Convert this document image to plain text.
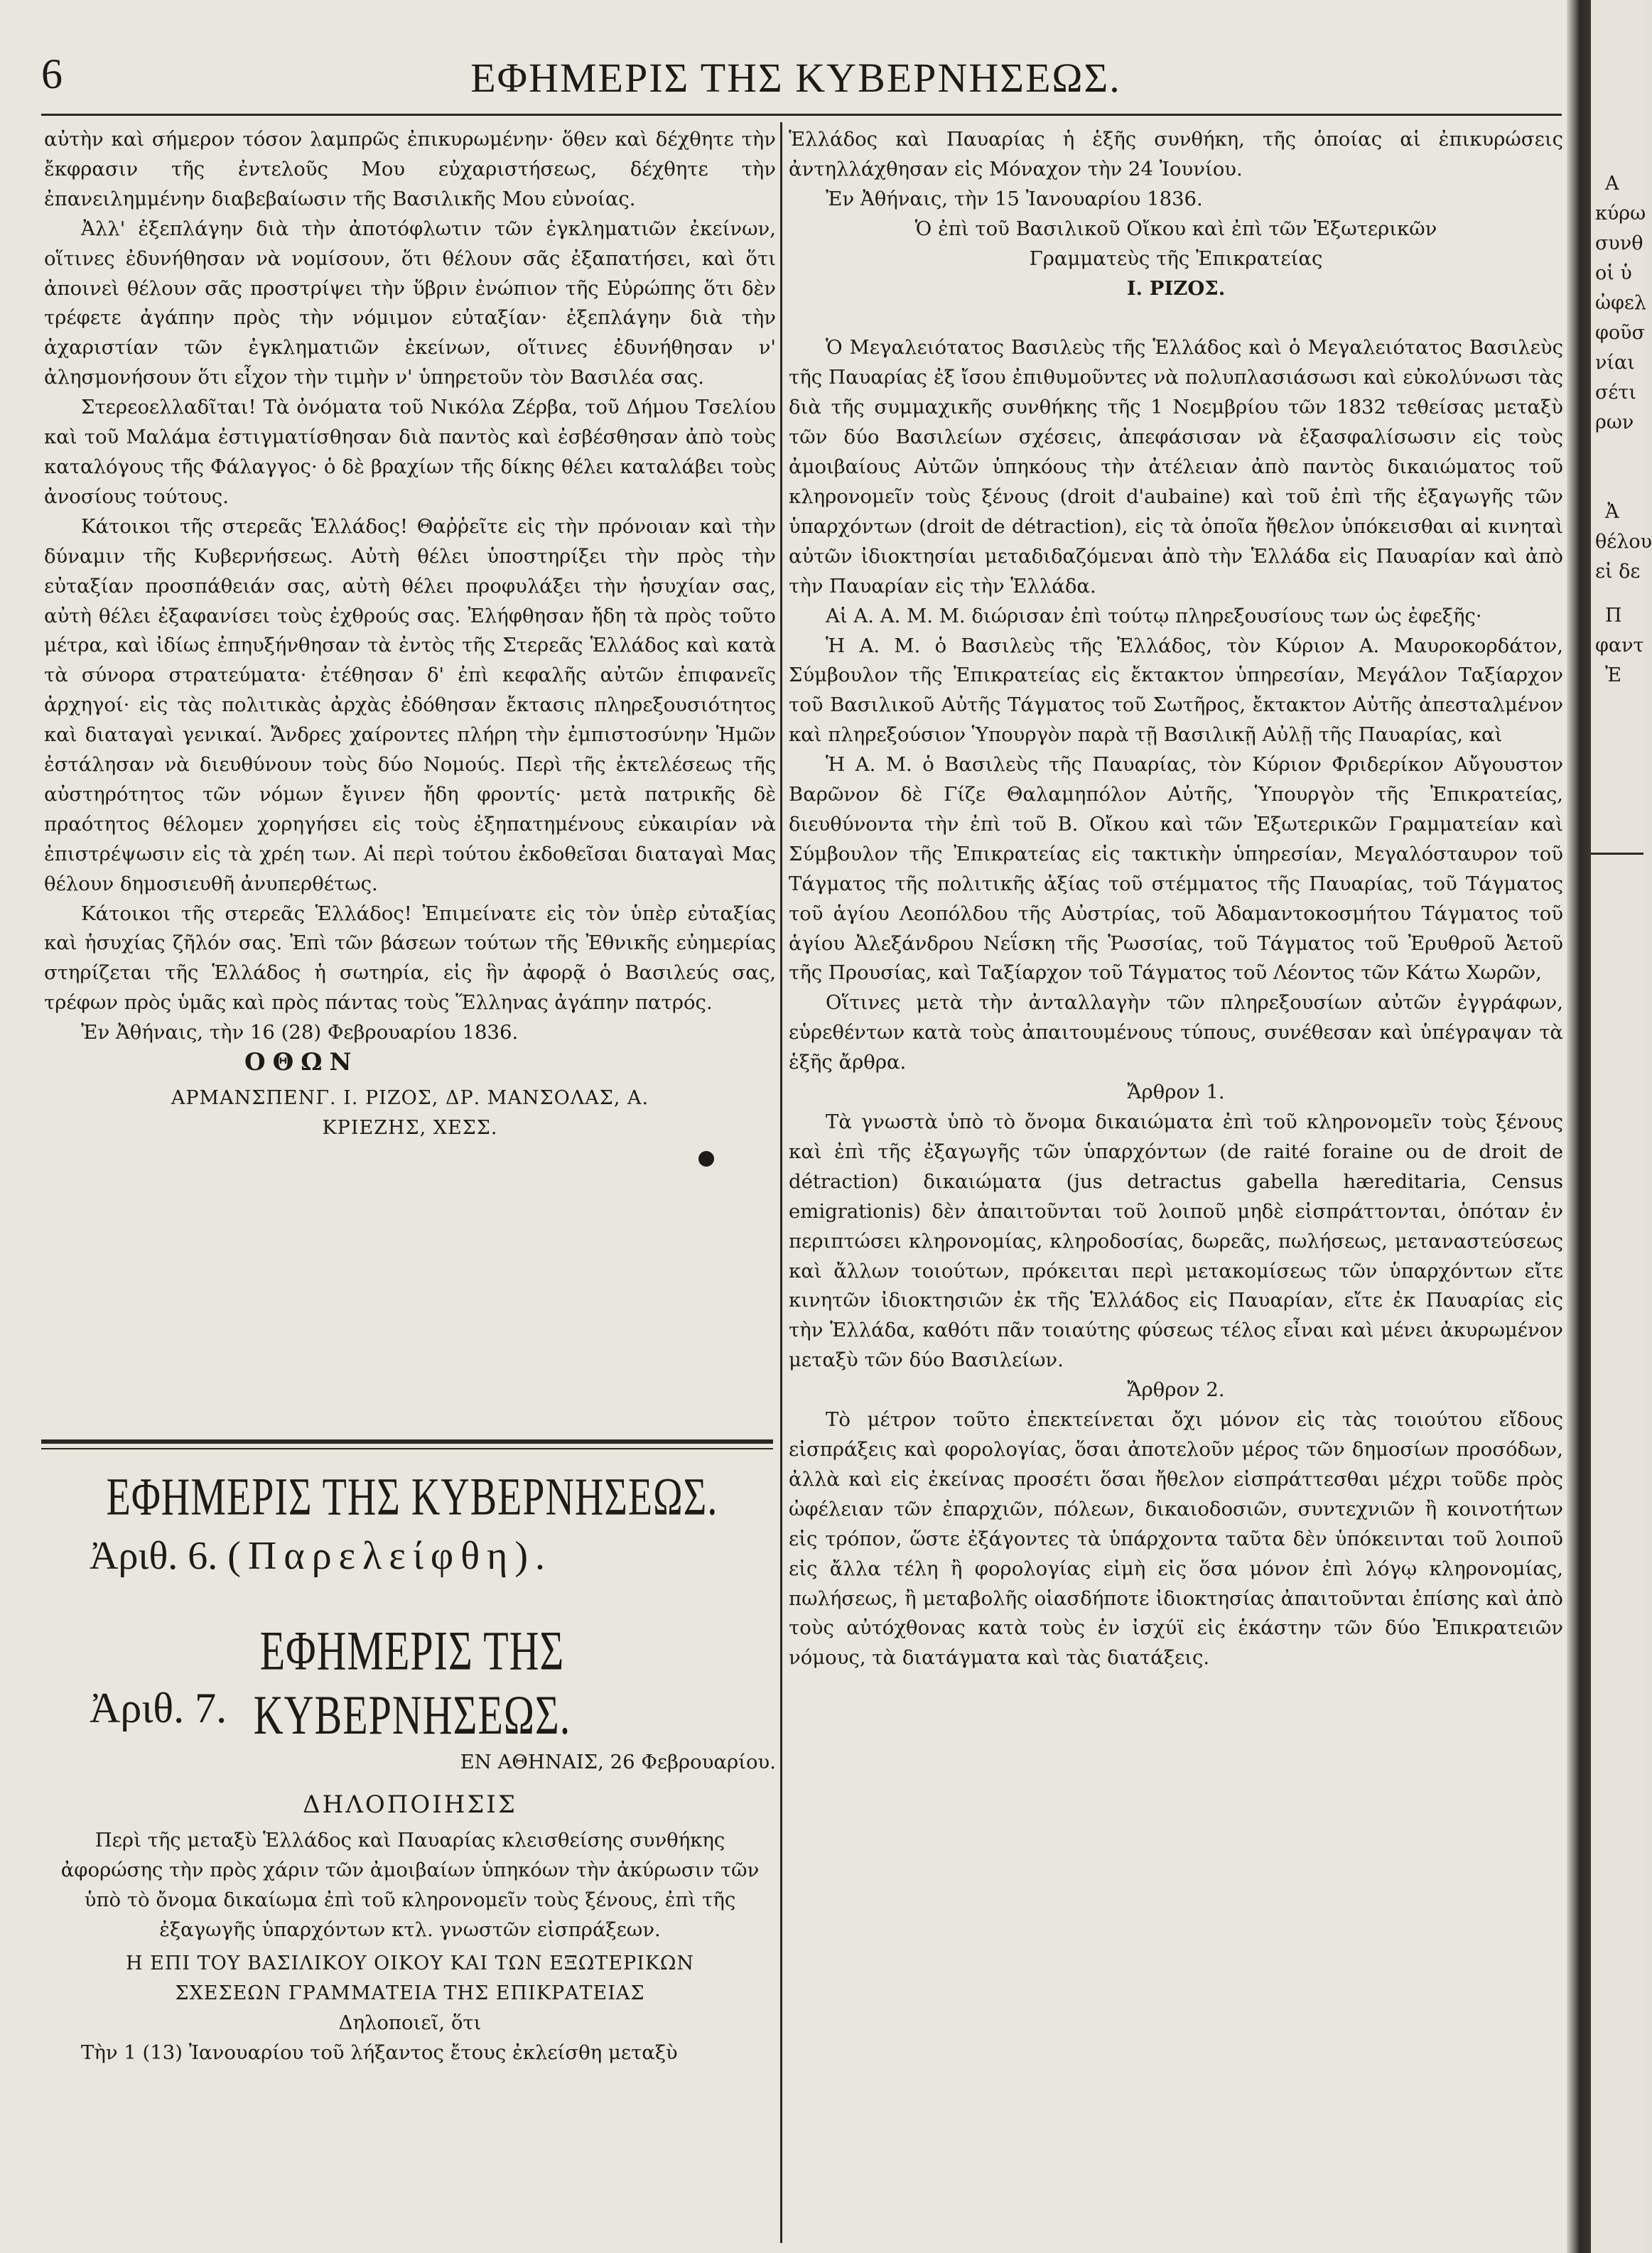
6	ΕΦΗΜΕΡΙΣ ΤΗΣ ΚΥΒΕΡΝΗΣΕΩΣ.

αὐτὴν καὶ σήμερον τόσον λαμπρῶς ἐπικυρωμένην· ὅθεν καὶ δέχθητε τὴν ἔκφρασιν τῆς ἐντελοῦς Μου εὐχαριστήσεως, δέχθητε τὴν ἐπανειλημμένην διαβεβαίωσιν τῆς Βασιλικῆς Μου εὐνοίας.

Ἀλλ' ἐξεπλάγην διὰ τὴν ἀποτόφλωτιν τῶν ἐγκληματιῶν ἐκείνων, οἵτινες ἐδυνήθησαν νὰ νομίσουν, ὅτι θέλουν σᾶς ἐξαπατήσει, καὶ ὅτι ἀποινεὶ θέλουν σᾶς προστρίψει τὴν ὕβριν ἐνώπιον τῆς Εὐρώπης ὅτι δὲν τρέφετε ἀγάπην πρὸς τὴν νόμιμον εὐταξίαν· ἐξεπλάγην διὰ τὴν ἀχαριστίαν τῶν ἐγκληματιῶν ἐκείνων, οἵτινες ἐδυνήθησαν ν' ἀλησμονήσουν ὅτι εἶχον τὴν τιμὴν ν' ὑπηρετοῦν τὸν Βασιλέα σας.

Στερεοελλαδῖται! Τὰ ὀνόματα τοῦ Νικόλα Ζέρβα, τοῦ Δήμου Τσελίου καὶ τοῦ Μαλάμα ἐστιγματίσθησαν διὰ παντὸς καὶ ἐσβέσθησαν ἀπὸ τοὺς καταλόγους τῆς Φάλαγγος· ὁ δὲ βραχίων τῆς δίκης θέλει καταλάβει τοὺς ἀνοσίους τούτους.

Κάτοικοι τῆς στερεᾶς Ἑλλάδος! Θαῤῥεῖτε εἰς τὴν πρόνοιαν καὶ τὴν δύναμιν τῆς Κυβερνήσεως. Αὐτὴ θέλει ὑποστηρίξει τὴν πρὸς τὴν εὐταξίαν προσπάθειάν σας, αὐτὴ θέλει προφυλάξει τὴν ἡσυχίαν σας, αὐτὴ θέλει ἐξαφανίσει τοὺς ἐχθρούς σας. Ἐλήφθησαν ἤδη τὰ πρὸς τοῦτο μέτρα, καὶ ἰδίως ἐπηυξήνθησαν τὰ ἐντὸς τῆς Στερεᾶς Ἑλλάδος καὶ κατὰ τὰ σύνορα στρατεύματα· ἐτέθησαν δ' ἐπὶ κεφαλῆς αὐτῶν ἐπιφανεῖς ἀρχηγοί· εἰς τὰς πολιτικὰς ἀρχὰς ἐδόθησαν ἔκτασις πληρεξουσιότητος καὶ διαταγαὶ γενικαί. Ἄνδρες χαίροντες πλήρη τὴν ἐμπιστοσύνην Ἡμῶν ἐστάλησαν νὰ διευθύνουν τοὺς δύο Νομούς. Περὶ τῆς ἐκτελέσεως τῆς αὐστηρότητος τῶν νόμων ἔγινεν ἤδη φροντίς· μετὰ πατρικῆς δὲ πραότητος θέλομεν χορηγήσει εἰς τοὺς ἐξηπατημένους εὐκαιρίαν νὰ ἐπιστρέψωσιν εἰς τὰ χρέη των. Αἱ περὶ τούτου ἐκδοθεῖσαι διαταγαὶ Μας θέλουν δημοσιευθῆ ἀνυπερθέτως.

Κάτοικοι τῆς στερεᾶς Ἑλλάδος! Ἐπιμείνατε εἰς τὸν ὑπὲρ εὐταξίας καὶ ἡσυχίας ζῆλόν σας. Ἐπὶ τῶν βάσεων τούτων τῆς Ἐθνικῆς εὐημερίας στηρίζεται τῆς Ἑλλάδος ἡ σωτηρία, εἰς ἣν ἀφορᾷ ὁ Βασιλεύς σας, τρέφων πρὸς ὑμᾶς καὶ πρὸς πάντας τοὺς Ἕλληνας ἀγάπην πατρός.

Ἐν Ἀθήναις, τὴν 16 (28) Φεβρουαρίου 1836.

ΟΘΩΝ

ΑΡΜΑΝΣΠΕΝΓ. Ι. ΡΙΖΟΣ, ΔΡ. ΜΑΝΣΟΛΑΣ, Α.

ΚΡΙΕΖΗΣ, ΧΕΣΣ.

ΕΦΗΜΕΡΙΣ ΤΗΣ ΚΥΒΕΡΝΗΣΕΩΣ.
Ἀριθ. 6. (Παρελείφθη).
ΕΦΗΜΕΡΙΣ ΤΗΣ ΚΥΒΕΡΝΗΣΕΩΣ.
Ἀριθ. 7.

ΕΝ ΑΘΗΝΑΙΣ, 26 Φεβρουαρίου.

ΔΗΛΟΠΟΙΗΣΙΣ

Περὶ τῆς μεταξὺ Ἑλλάδος καὶ Παυαρίας κλεισθείσης συνθήκης ἀφορώσης τὴν πρὸς χάριν τῶν ἀμοιβαίων ὑπηκόων τὴν ἀκύρωσιν τῶν ὑπὸ τὸ ὄνομα δικαίωμα ἐπὶ τοῦ κληρονομεῖν τοὺς ξένους, ἐπὶ τῆς ἐξαγωγῆς ὑπαρχόντων κτλ. γνωστῶν εἰσπράξεων.

Η ΕΠΙ ΤΟΥ ΒΑΣΙΛΙΚΟΥ ΟΙΚΟΥ ΚΑΙ ΤΩΝ ΕΞΩΤΕΡΙΚΩΝ

ΣΧΕΣΕΩΝ ΓΡΑΜΜΑΤΕΙΑ ΤΗΣ ΕΠΙΚΡΑΤΕΙΑΣ

Δηλοποιεῖ, ὅτι

Τὴν 1 (13) Ἰανουαρίου τοῦ λήξαντος ἔτους ἐκλείσθη μεταξὺ

Ἑλλάδος καὶ Παυαρίας ἡ ἑξῆς συνθήκη, τῆς ὁποίας αἱ ἐπικυρώσεις ἀντηλλάχθησαν εἰς Μόναχον τὴν 24 Ἰουνίου.

Ἐν Ἀθήναις, τὴν 15 Ἰανουαρίου 1836.

Ὁ ἐπὶ τοῦ Βασιλικοῦ Οἴκου καὶ ἐπὶ τῶν Ἐξωτερικῶν

Γραμματεὺς τῆς Ἐπικρατείας

Ι. ΡΙΖΟΣ.

Ὁ Μεγαλειότατος Βασιλεὺς τῆς Ἑλλάδος καὶ ὁ Μεγαλειότατος Βασιλεὺς τῆς Παυαρίας ἐξ ἴσου ἐπιθυμοῦντες νὰ πολυπλασιάσωσι καὶ εὐκολύνωσι τὰς διὰ τῆς συμμαχικῆς συνθήκης τῆς 1 Νοεμβρίου τῶν 1832 τεθείσας μεταξὺ τῶν δύο Βασιλείων σχέσεις, ἀπεφάσισαν νὰ ἐξασφαλίσωσιν εἰς τοὺς ἀμοιβαίους Αὐτῶν ὑπηκόους τὴν ἀτέλειαν ἀπὸ παντὸς δικαιώματος τοῦ κληρονομεῖν τοὺς ξένους (droit d'aubaine) καὶ τοῦ ἐπὶ τῆς ἐξαγωγῆς τῶν ὑπαρχόντων (droit de détraction), εἰς τὰ ὁποῖα ἤθελον ὑπόκεισθαι αἱ κινηταὶ αὐτῶν ἰδιοκτησίαι μεταδιδαζόμεναι ἀπὸ τὴν Ἑλλάδα εἰς Παυαρίαν καὶ ἀπὸ τὴν Παυαρίαν εἰς τὴν Ἑλλάδα.

Αἱ Α. Α. Μ. Μ. διώρισαν ἐπὶ τούτῳ πληρεξουσίους των ὡς ἐφεξῆς·

Ἡ Α. Μ. ὁ Βασιλεὺς τῆς Ἑλλάδος, τὸν Κύριον Α. Μαυροκορδάτον, Σύμβουλον τῆς Ἐπικρατείας εἰς ἔκτακτον ὑπηρεσίαν, Μεγάλον Ταξίαρχον τοῦ Βασιλικοῦ Αὐτῆς Τάγματος τοῦ Σωτῆρος, ἔκτακτον Αὐτῆς ἀπεσταλμένον καὶ πληρεξούσιον Ὑπουργὸν παρὰ τῇ Βασιλικῇ Αὐλῇ τῆς Παυαρίας, καὶ

Ἡ Α. Μ. ὁ Βασιλεὺς τῆς Παυαρίας, τὸν Κύριον Φριδερίκον Αὔγουστον Βαρῶνον δὲ Γίζε Θαλαμηπόλον Αὐτῆς, Ὑπουργὸν τῆς Ἐπικρατείας, διευθύνοντα τὴν ἐπὶ τοῦ Β. Οἴκου καὶ τῶν Ἐξωτερικῶν Γραμματείαν καὶ Σύμβουλον τῆς Ἐπικρατείας εἰς τακτικὴν ὑπηρεσίαν, Μεγαλόσταυρον τοῦ Τάγματος τῆς πολιτικῆς ἀξίας τοῦ στέμματος τῆς Παυαρίας, τοῦ Τάγματος τοῦ ἁγίου Λεοπόλδου τῆς Αὐστρίας, τοῦ Ἀδαμαντοκοσμήτου Τάγματος τοῦ ἁγίου Ἀλεξάνδρου Νεΐσκη τῆς Ῥωσσίας, τοῦ Τάγματος τοῦ Ἐρυθροῦ Ἀετοῦ τῆς Προυσίας, καὶ Ταξίαρχον τοῦ Τάγματος τοῦ Λέοντος τῶν Κάτω Χωρῶν,

Οἵτινες μετὰ τὴν ἀνταλλαγὴν τῶν πληρεξουσίων αὐτῶν ἐγγράφων, εὑρεθέντων κατὰ τοὺς ἀπαιτουμένους τύπους, συνέθεσαν καὶ ὑπέγραψαν τὰ ἑξῆς ἄρθρα.

Ἄρθρον 1.

Τὰ γνωστὰ ὑπὸ τὸ ὄνομα δικαιώματα ἐπὶ τοῦ κληρονομεῖν τοὺς ξένους καὶ ἐπὶ τῆς ἐξαγωγῆς τῶν ὑπαρχόντων (de raité foraine ou de droit de détraction) δικαιώματα (jus detractus gabella hæreditaria, Census emigrationis) δὲν ἀπαιτοῦνται τοῦ λοιποῦ μηδὲ εἰσπράττονται, ὁπόταν ἐν περιπτώσει κληρονομίας, κληροδοσίας, δωρεᾶς, πωλήσεως, μεταναστεύσεως καὶ ἄλλων τοιούτων, πρόκειται περὶ μετακομίσεως τῶν ὑπαρχόντων εἴτε κινητῶν ἰδιοκτησιῶν ἐκ τῆς Ἑλλάδος εἰς Παυαρίαν, εἴτε ἐκ Παυαρίας εἰς τὴν Ἑλλάδα, καθότι πᾶν τοιαύτης φύσεως τέλος εἶναι καὶ μένει ἀκυρωμένον μεταξὺ τῶν δύο Βασιλείων.

Ἄρθρον 2.

Τὸ μέτρον τοῦτο ἐπεκτείνεται ὄχι μόνον εἰς τὰς τοιούτου εἴδους εἰσπράξεις καὶ φορολογίας, ὅσαι ἀποτελοῦν μέρος τῶν δημοσίων προσόδων, ἀλλὰ καὶ εἰς ἐκείνας προσέτι ὅσαι ἤθελον εἰσπράττεσθαι μέχρι τοῦδε πρὸς ὠφέλειαν τῶν ἐπαρχιῶν, πόλεων, δικαιοδοσιῶν, συντεχνιῶν ἢ κοινοτήτων εἰς τρόπον, ὥστε ἐξάγοντες τὰ ὑπάρχοντα ταῦτα δὲν ὑπόκεινται τοῦ λοιποῦ εἰς ἄλλα τέλη ἢ φορολογίας εἰμὴ εἰς ὅσα μόνον ἐπὶ λόγῳ κληρονομίας, πωλήσεως, ἢ μεταβολῆς οἱασδήποτε ἰδιοκτησίας ἀπαιτοῦνται ἐπίσης καὶ ἀπὸ τοὺς αὐτόχθονας κατὰ τοὺς ἐν ἰσχύϊ εἰς ἑκάστην τῶν δύο Ἐπικρατειῶν νόμους, τὰ διατάγματα καὶ τὰς διατάξεις.

Α
κύρω
συνθ
οἱ ὑ
ὠφελ
φοῦσ
νίαι
σέτι
ρων
Ἀ
θέλου
εἰ δε
Π
φαντ
Ἐ
